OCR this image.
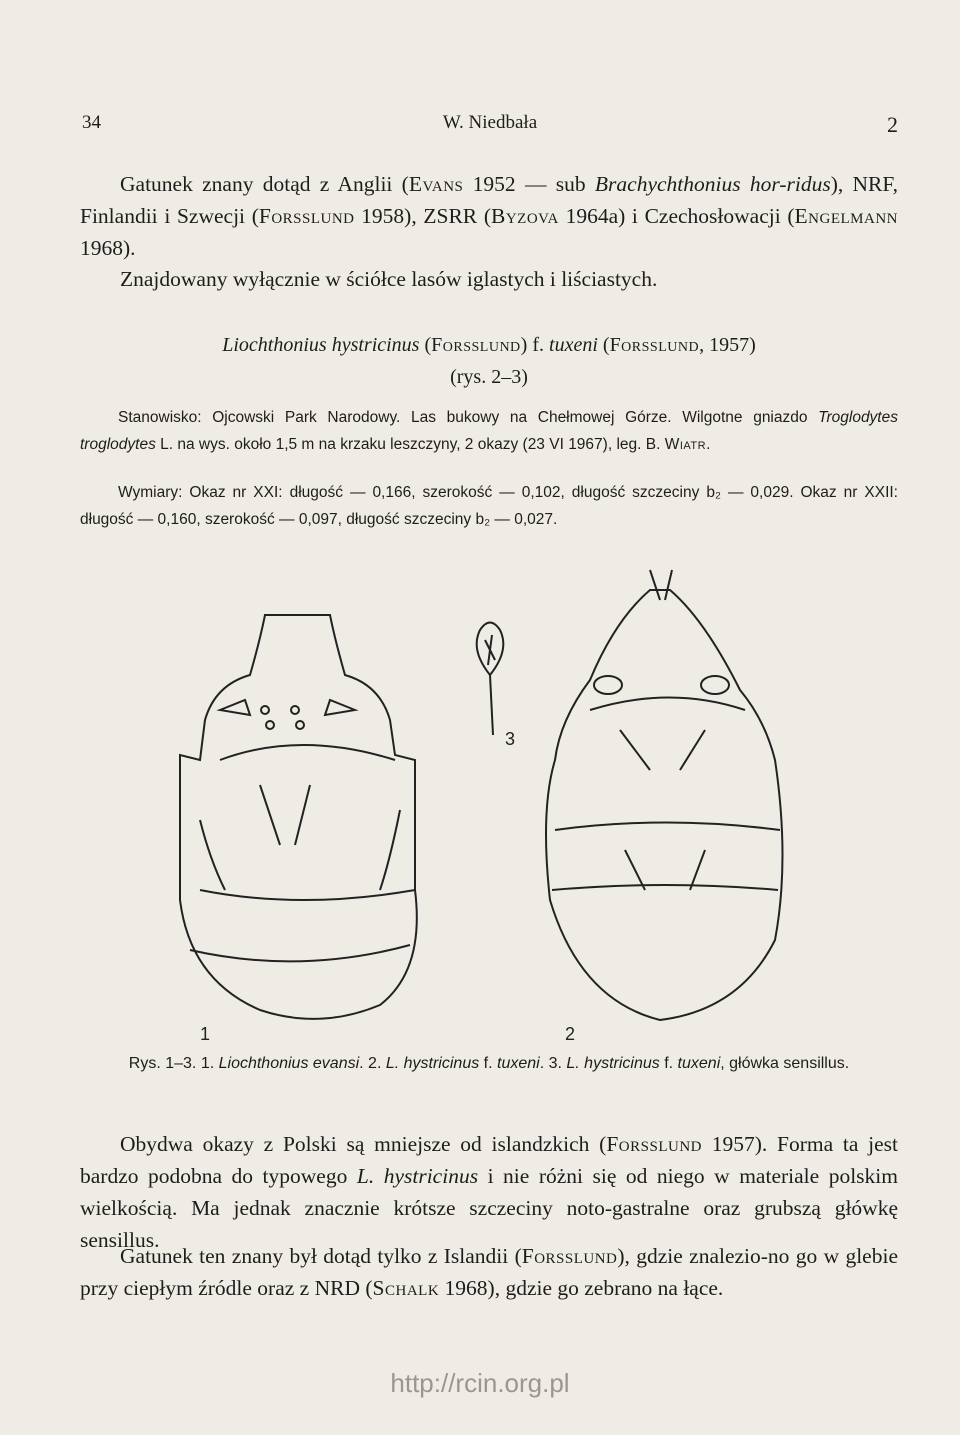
34	W. Niedbała	2
Gatunek znany dotąd z Anglii (Evans 1952 — sub Brachychthonius hor-ridus), NRF, Finlandii i Szwecji (Forsslund 1958), ZSRR (Byzova 1964a) i Czechosłowacji (Engelmann 1968).
Znajdowany wyłącznie w ściółce lasów iglastych i liściastych.
Liochthonius hystricinus (Forsslund) f. tuxeni (Forsslund, 1957)
(rys. 2–3)
Stanowisko: Ojcowski Park Narodowy. Las bukowy na Chełmowej Górze. Wilgotne gniazdo Troglodytes troglodytes L. na wys. około 1,5 m na krzaku leszczyny, 2 okazy (23 VI 1967), leg. B. Wiatr.
Wymiary: Okaz nr XXI: długość — 0,166, szerokość — 0,102, długość szczeciny b₂ — 0,029. Okaz nr XXII: długość — 0,160, szerokość — 0,097, długość szczeciny b₂ — 0,027.
1
3
2
Rys. 1–3. 1. Liochthonius evansi. 2. L. hystricinus f. tuxeni. 3. L. hystricinus f. tuxeni, główka sensillus.
Obydwa okazy z Polski są mniejsze od islandzkich (Forsslund 1957). Forma ta jest bardzo podobna do typowego L. hystricinus i nie różni się od niego w materiale polskim wielkością. Ma jednak znacznie krótsze szczeciny noto-gastralne oraz grubszą główkę sensillus.
Gatunek ten znany był dotąd tylko z Islandii (Forsslund), gdzie znalezio-no go w glebie przy ciepłym źródle oraz z NRD (Schalk 1968), gdzie go zebrano na łące.
http://rcin.org.pl
